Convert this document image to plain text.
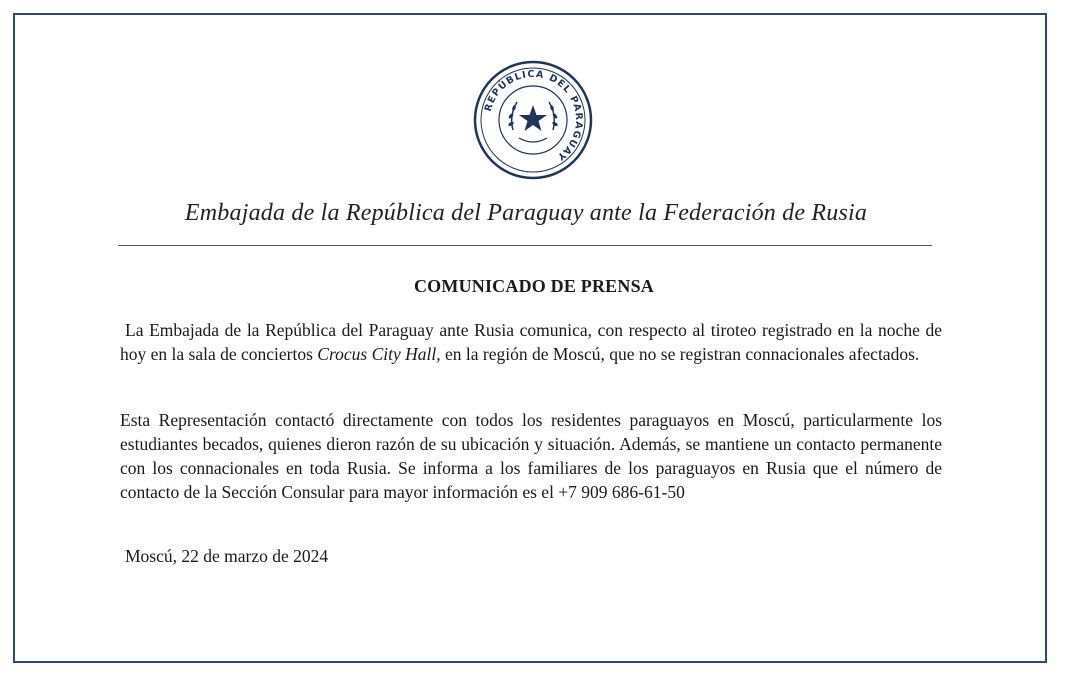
REPÚBLICA DEL PARAGUAY
Embajada de la República del Paraguay ante la Federación de Rusia
COMUNICADO DE PRENSA
La Embajada de la República del Paraguay ante Rusia comunica, con respecto al tiroteo registrado en la noche de hoy en la sala de conciertos Crocus City Hall, en la región de Moscú, que no se registran connacionales afectados.
Esta Representación contactó directamente con todos los residentes paraguayos en Moscú, particularmente los estudiantes becados, quienes dieron razón de su ubicación y situación. Además, se mantiene un contacto permanente con los connacionales en toda Rusia. Se informa a los familiares de los paraguayos en Rusia que el número de contacto de la Sección Consular para mayor información es el +7 909 686-61-50
Moscú, 22 de marzo de 2024
